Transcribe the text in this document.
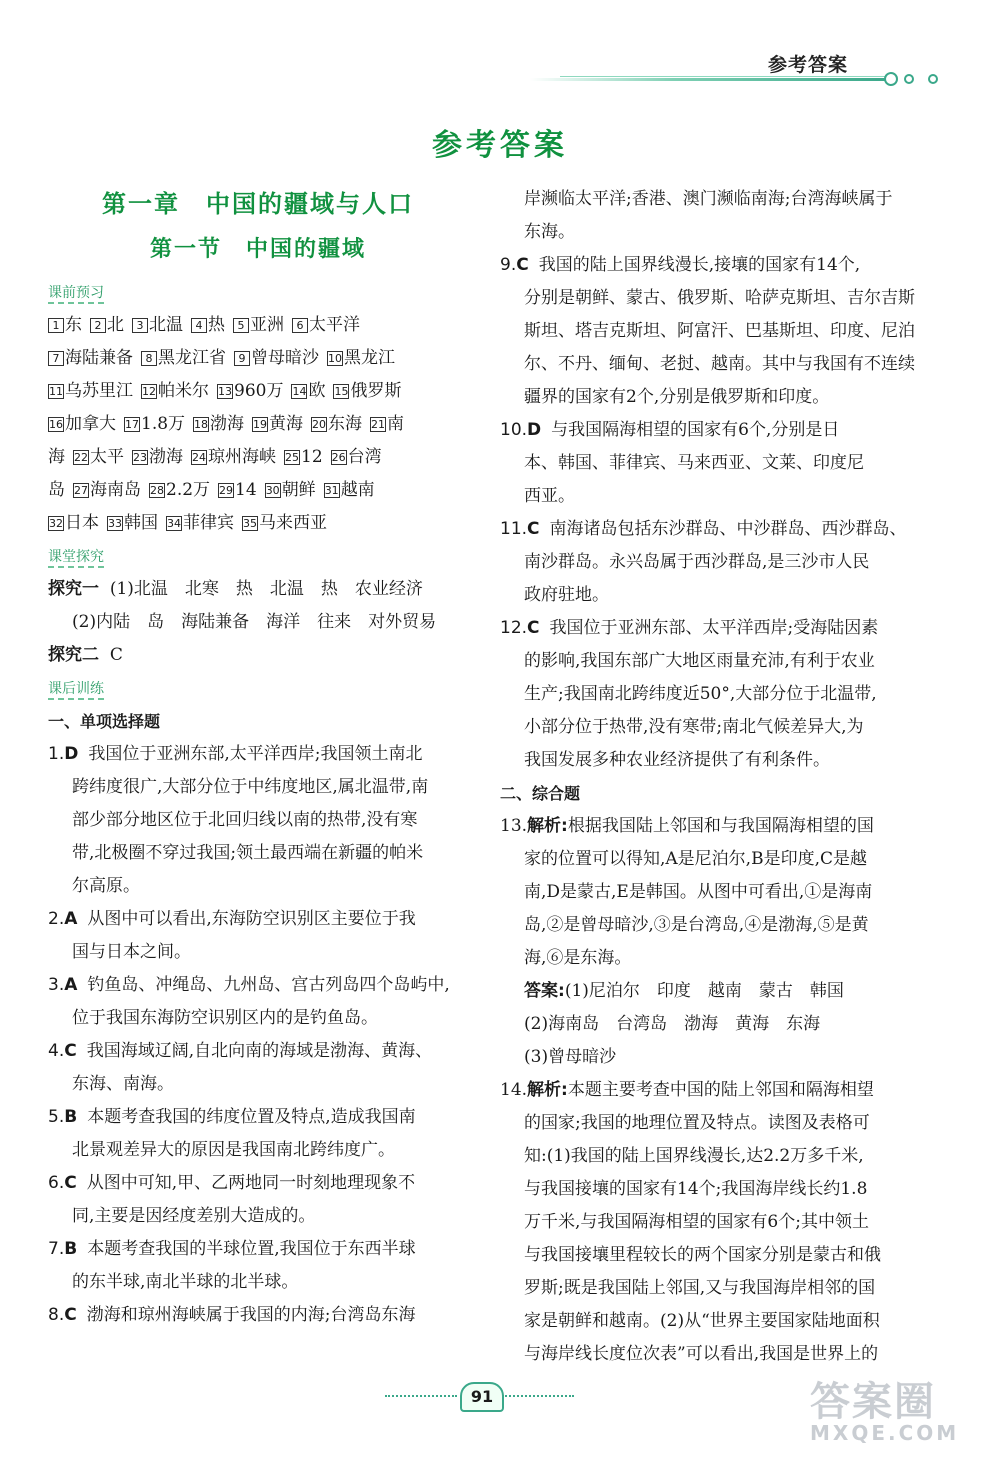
参考答案
参考答案
第一章　中国的疆域与人口
第一节　中国的疆域
课前预习
1 东 2 北 3 北温 4 热 5 亚洲 6 太平洋
7 海陆兼备 8 黑龙江省 9 曾母暗沙 10 黑龙江
11 乌苏里江 12 帕米尔 13 960万 14 欧 15 俄罗斯
16 加拿大 17 1.8万 18 渤海 19 黄海 20 东海 21 南
海 22 太平 23 渤海 24 琼州海峡 25 12 26 台湾
岛 27 海南岛 28 2.2万 29 14 30 朝鲜 31 越南
32 日本 33 韩国 34 菲律宾 35 马来西亚
课堂探究
探究一 (1)北温　北寒　热　北温　热　农业经济
(2)内陆　岛　海陆兼备　海洋　往来　对外贸易
探究二 C
课后训练
一、单项选择题
1.D 我国位于亚洲东部,太平洋西岸;我国领土南北
跨纬度很广,大部分位于中纬度地区,属北温带,南
部少部分地区位于北回归线以南的热带,没有寒
带,北极圈不穿过我国;领土最西端在新疆的帕米
尔高原。
2.A 从图中可以看出,东海防空识别区主要位于我
国与日本之间。
3.A 钓鱼岛、冲绳岛、九州岛、宫古列岛四个岛屿中,
位于我国东海防空识别区内的是钓鱼岛。
4.C 我国海域辽阔,自北向南的海域是渤海、黄海、
东海、南海。
5.B 本题考查我国的纬度位置及特点,造成我国南
北景观差异大的原因是我国南北跨纬度广。
6.C 从图中可知,甲、乙两地同一时刻地理现象不
同,主要是因经度差别大造成的。
7.B 本题考查我国的半球位置,我国位于东西半球
的东半球,南北半球的北半球。
8.C 渤海和琼州海峡属于我国的内海;台湾岛东海
岸濒临太平洋;香港、澳门濒临南海;台湾海峡属于
东海。
9.C 我国的陆上国界线漫长,接壤的国家有14个,
分别是朝鲜、蒙古、俄罗斯、哈萨克斯坦、吉尔吉斯
斯坦、塔吉克斯坦、阿富汗、巴基斯坦、印度、尼泊
尔、不丹、缅甸、老挝、越南。其中与我国有不连续
疆界的国家有2个,分别是俄罗斯和印度。
10.D 与我国隔海相望的国家有6个,分别是日
本、韩国、菲律宾、马来西亚、文莱、印度尼
西亚。
11.C 南海诸岛包括东沙群岛、中沙群岛、西沙群岛、
南沙群岛。永兴岛属于西沙群岛,是三沙市人民
政府驻地。
12.C 我国位于亚洲东部、太平洋西岸;受海陆因素
的影响,我国东部广大地区雨量充沛,有利于农业
生产;我国南北跨纬度近50°,大部分位于北温带,
小部分位于热带,没有寒带;南北气候差异大,为
我国发展多种农业经济提供了有利条件。
二、综合题
13.解析:根据我国陆上邻国和与我国隔海相望的国
家的位置可以得知,A是尼泊尔,B是印度,C是越
南,D是蒙古,E是韩国。从图中可看出,①是海南
岛,②是曾母暗沙,③是台湾岛,④是渤海,⑤是黄
海,⑥是东海。
答案:(1)尼泊尔　印度　越南　蒙古　韩国
(2)海南岛　台湾岛　渤海　黄海　东海
(3)曾母暗沙
14.解析:本题主要考查中国的陆上邻国和隔海相望
的国家;我国的地理位置及特点。读图及表格可
知:(1)我国的陆上国界线漫长,达2.2万多千米,
与我国接壤的国家有14个;我国海岸线长约1.8
万千米,与我国隔海相望的国家有6个;其中领土
与我国接壤里程较长的两个国家分别是蒙古和俄
罗斯;既是我国陆上邻国,又与我国海岸相邻的国
家是朝鲜和越南。(2)从“世界主要国家陆地面积
与海岸线长度位次表”可以看出,我国是世界上的
91	答案圈
MXQE.COM
